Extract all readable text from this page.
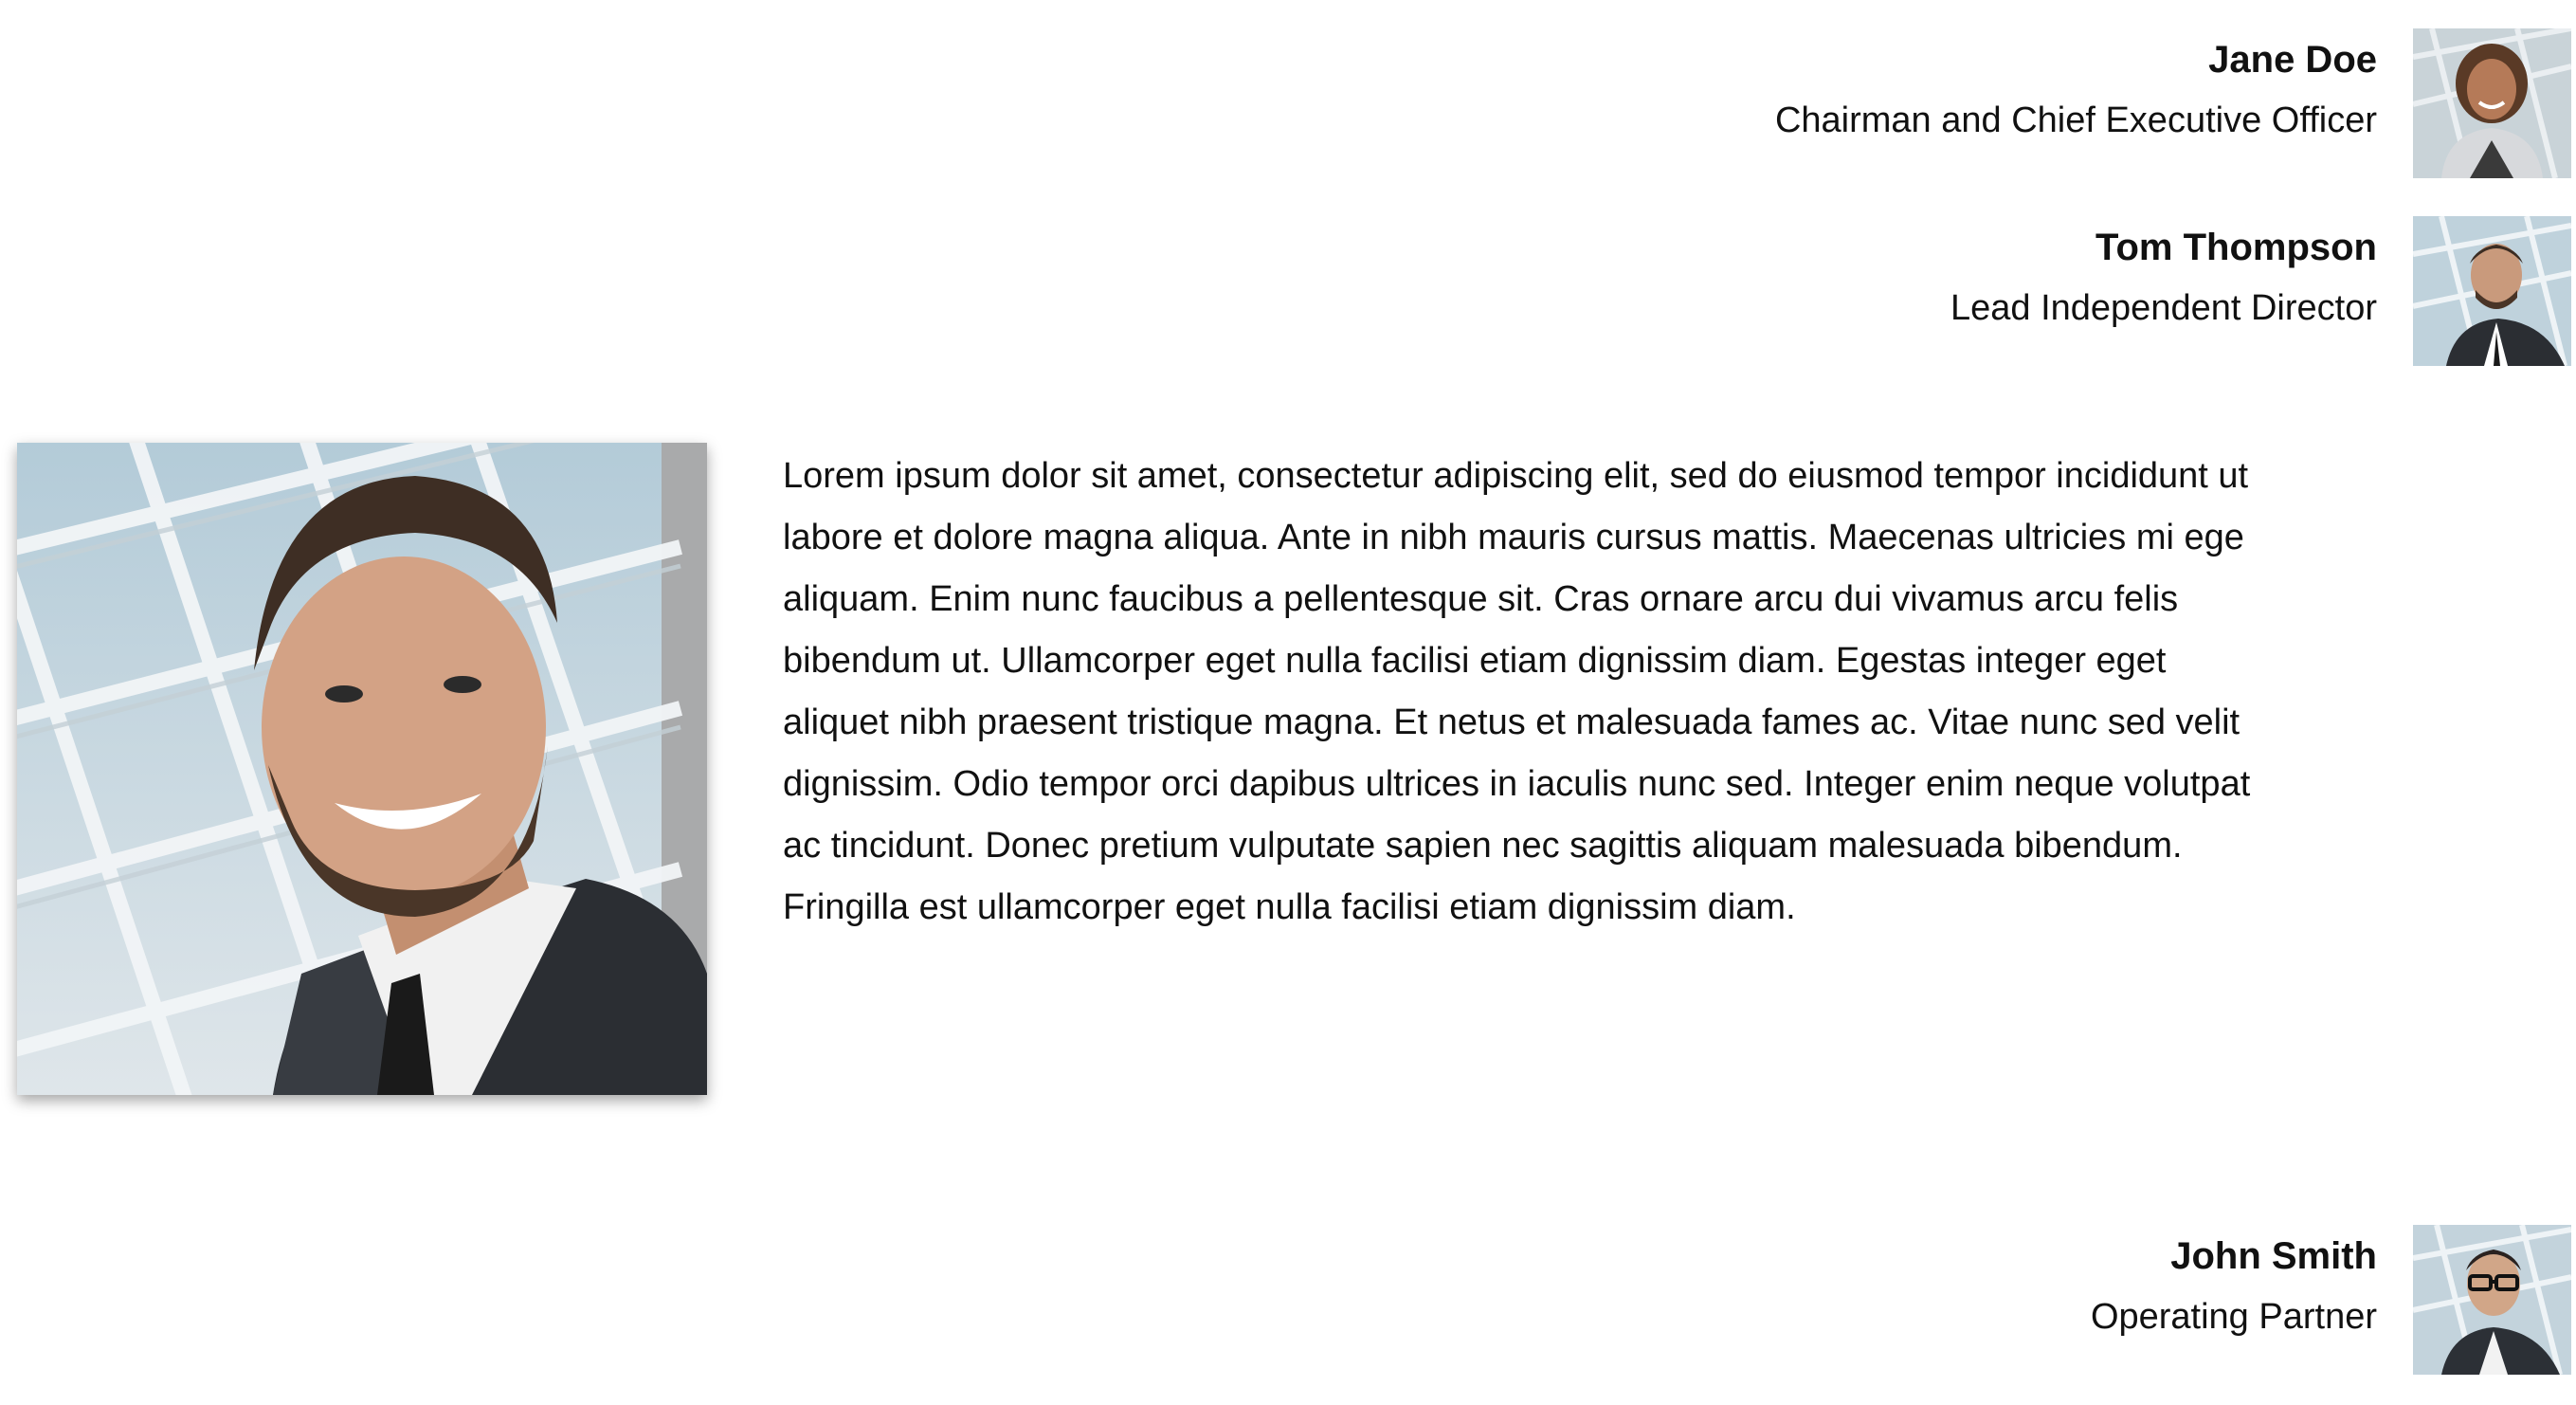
Jane Doe
Chairman and Chief Executive Officer
Tom Thompson
Lead Independent Director
Lorem ipsum dolor sit amet, consectetur adipiscing elit, sed do eiusmod tempor incididunt ut labore et dolore magna aliqua. Ante in nibh mauris cursus mattis. Maecenas ultricies mi ege aliquam. Enim nunc faucibus a pellentesque sit. Cras ornare arcu dui vivamus arcu felis bibendum ut. Ullamcorper eget nulla facilisi etiam dignissim diam. Egestas integer eget aliquet nibh praesent tristique magna. Et netus et malesuada fames ac. Vitae nunc sed velit dignissim. Odio tempor orci dapibus ultrices in iaculis nunc sed. Integer enim neque volutpat ac tincidunt. Donec pretium vulputate sapien nec sagittis aliquam malesuada bibendum. Fringilla est ullamcorper eget nulla facilisi etiam dignissim diam.
John Smith
Operating Partner
